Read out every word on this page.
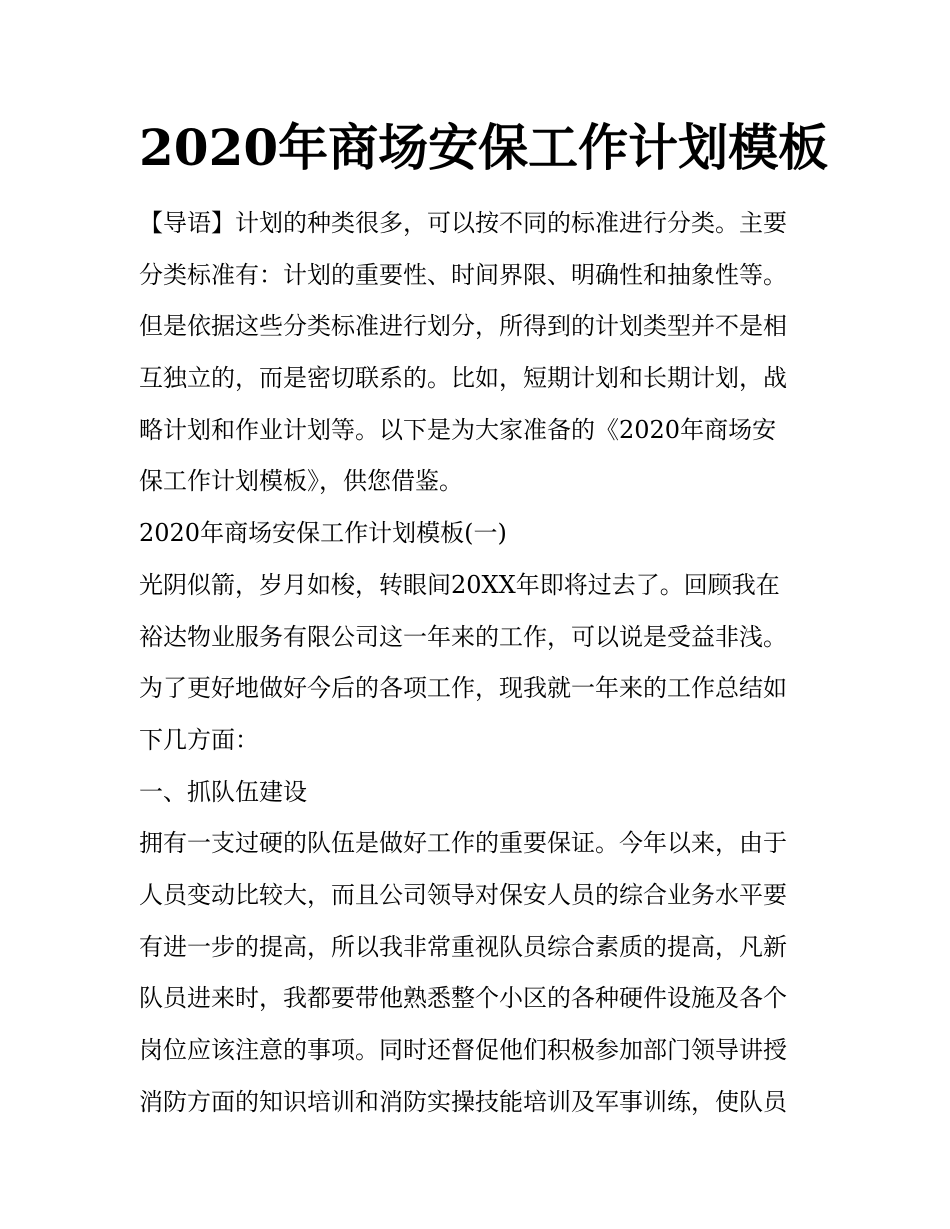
2020年商场安保工作计划模板
【导语】计划的种类很多，可以按不同的标准进行分类。主要
分类标准有：计划的重要性、时间界限、明确性和抽象性等。
但是依据这些分类标准进行划分，所得到的计划类型并不是相
互独立的，而是密切联系的。比如，短期计划和长期计划，战
略计划和作业计划等。以下是为大家准备的《2020年商场安
保工作计划模板》，供您借鉴。
2020年商场安保工作计划模板(一)
光阴似箭，岁月如梭，转眼间20XX年即将过去了。回顾我在
裕达物业服务有限公司这一年来的工作，可以说是受益非浅。
为了更好地做好今后的各项工作，现我就一年来的工作总结如
下几方面：
一、抓队伍建设
拥有一支过硬的队伍是做好工作的重要保证。今年以来，由于
人员变动比较大，而且公司领导对保安人员的综合业务水平要
有进一步的提高，所以我非常重视队员综合素质的提高，凡新
队员进来时，我都要带他熟悉整个小区的各种硬件设施及各个
岗位应该注意的事项。同时还督促他们积极参加部门领导讲授
消防方面的知识培训和消防实操技能培训及军事训练，使队员
